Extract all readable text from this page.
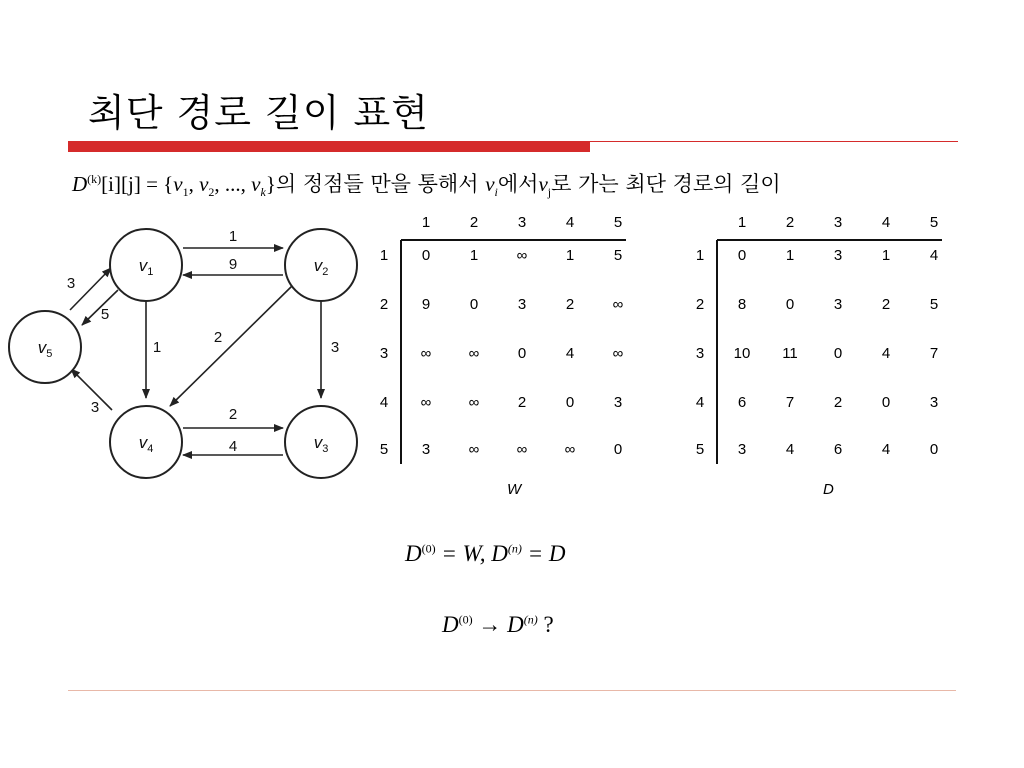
최단 경로 길이 표현
$D^{(k)}[i][j] = \{v_1$, $v_2$, ..., $v_k$}의 정점들 만을 통해서 $v_i$에서$v_j$로 가는 최단 경로의 길이
1
9
3
5
1
2
3
3	2
4
$v_1$	$v_2$
$v_5$
$v_4$	$v_3$
1	2	3	4	5
1	0	1	∞	1	5
2	9	0	3	2	∞
3	∞	∞	0	4	∞
4	∞	∞	2	0	3
5	3	∞	∞	∞	0
W
1	2	3	4	5
1	0	1	3	1	4
2	8	0	3	2	5
3	10	11	0	4	7
4	6	7	2	0	3
5	3	4	6	4	0
D
$D^{(0)} = W$, $D^{(n)} = D$
$D^{(0)} \to D^{(n)}$ ?
